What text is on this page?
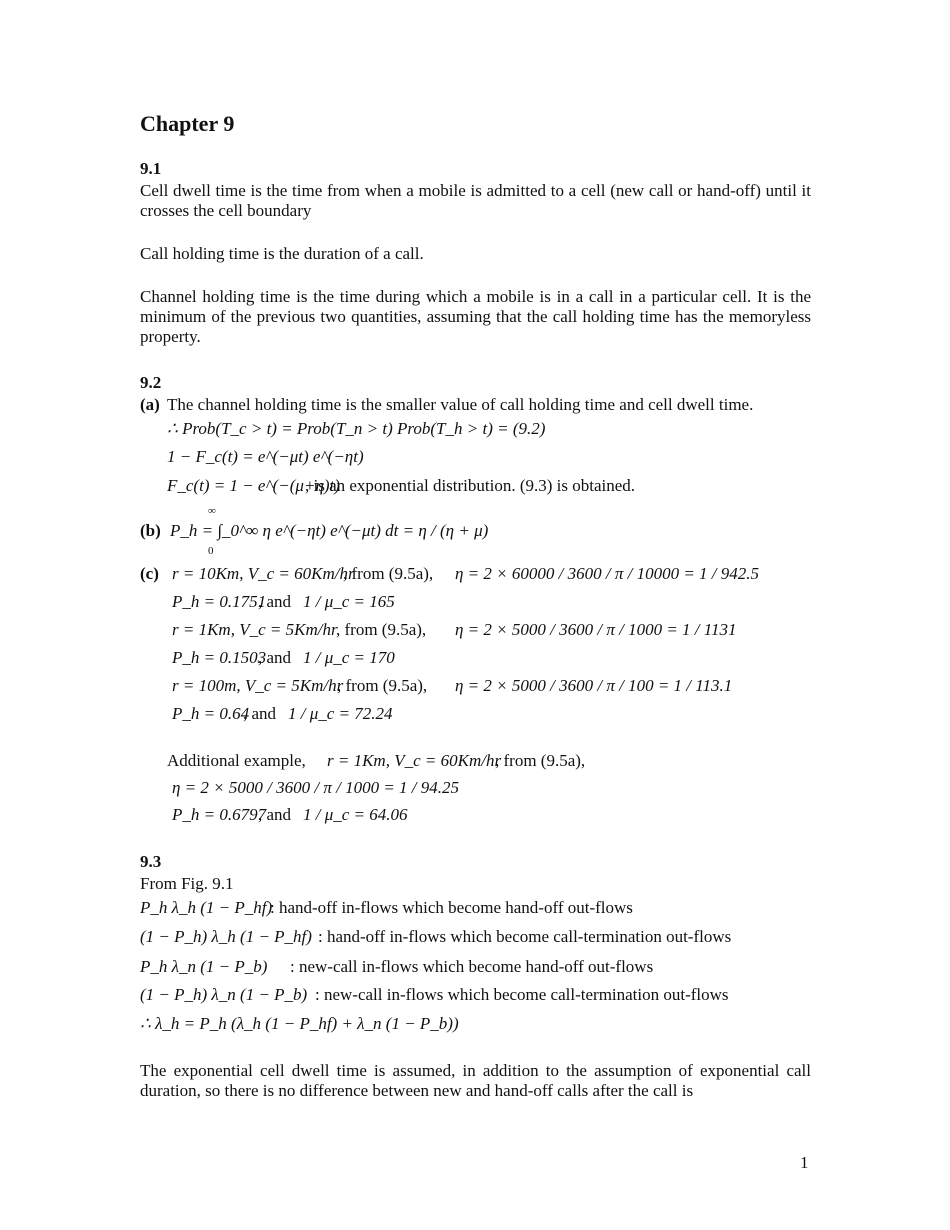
Chapter 9
9.1
Cell dwell time is the time from when a mobile is admitted to a cell (new call or hand-off) until it crosses the cell boundary
Call holding time is the duration of a call.
Channel holding time is the time during which a mobile is in a call in a particular cell. It is the minimum of the previous two quantities, assuming that the call holding time has the memoryless property.
9.2
(a) The channel holding time is the smaller value of call holding time and cell dwell time.
∴ Prob(T_c > t) = Prob(T_n > t) Prob(T_h > t) = (9.2)
1 − F_c(t) = e^(−μt) e^(−ηt)
F_c(t) = 1 − e^(−(μ+η)t)
, is an exponential distribution. (9.3) is obtained.
(b)
∞
0
P_h = ∫_0^∞ η e^(−ηt) e^(−μt) dt = η / (η + μ)
(c) r = 10Km, V_c = 60Km/hr
, from (9.5a), η = 2 × 60000 / 3600 / π / 10000 = 1 / 942.5
P_h = 0.1751
, and 1 / μ_c = 165
r = 1Km, V_c = 5Km/hr
, from (9.5a), η = 2 × 5000 / 3600 / π / 1000 = 1 / 1131
P_h = 0.1503
, and 1 / μ_c = 170
r = 100m, V_c = 5Km/hr
, from (9.5a), η = 2 × 5000 / 3600 / π / 100 = 1 / 113.1
P_h = 0.64
, and 1 / μ_c = 72.24
Additional example, r = 1Km, V_c = 60Km/hr
, from (9.5a),
η = 2 × 5000 / 3600 / π / 1000 = 1 / 94.25
P_h = 0.6797
, and 1 / μ_c = 64.06
9.3
From Fig. 9.1
P_h λ_h (1 − P_hf)
: hand-off in-flows which become hand-off out-flows
(1 − P_h) λ_h (1 − P_hf) : hand-off in-flows which become call-termination out-flows
P_h λ_n (1 − P_b) : new-call in-flows which become hand-off out-flows
(1 − P_h) λ_n (1 − P_b) : new-call in-flows which become call-termination out-flows
∴ λ_h = P_h (λ_h (1 − P_hf) + λ_n (1 − P_b))
The exponential cell dwell time is assumed, in addition to the assumption of exponential call duration, so there is no difference between new and hand-off calls after the call is
1
